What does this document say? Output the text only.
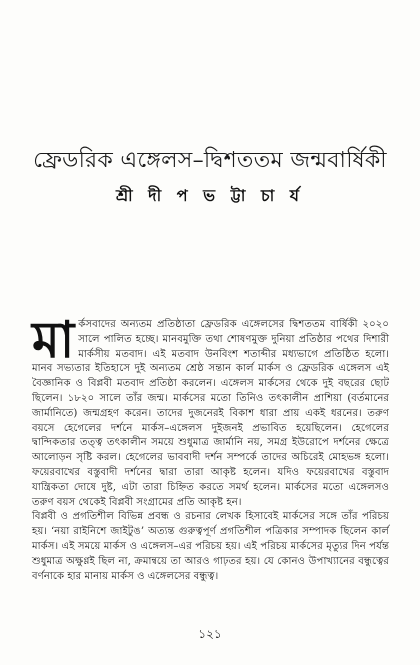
ফ্রেডরিক এঙ্গেলস–দ্বিশততম জন্মবার্ষিকী
শ্রী দী প ভ ট্টা চা র্য

মার্কসবাদের অন্যতম প্রতিষ্ঠাতা ফ্রেডরিক এঙ্গেলসের দ্বিশততম বার্ষিকী ২০২০ সালে পালিত হচ্ছে। মানবমুক্তি তথা শোষণমুক্ত দুনিয়া প্রতিষ্ঠার পথের দিশারী মার্কসীয় মতবাদ। এই মতবাদ উনবিংশ শতাব্দীর মধ্যভাগে প্রতিষ্ঠিত হলো। মানব সভ্যতার ইতিহাসে দুই অন্যতম শ্রেষ্ঠ সন্তান কার্ল মার্কস ও ফ্রেডরিক এঙ্গেলস এই বৈজ্ঞানিক ও বিপ্লবী মতবাদ প্রতিষ্ঠা করলেন। এঙ্গেলস মার্কসের থেকে দুই বছরের ছোট ছিলেন। ১৮২০ সালে তাঁর জন্ম। মার্কসের মতো তিনিও তৎকালীন প্রাশিয়া (বর্তমানের জার্মানিতে) জন্মগ্রহণ করেন। তাদের দুজনেরই বিকাশ ধারা প্রায় একই ধরনের। তরুণ বয়সে হেগেলের দর্শনে মার্কস–এঙ্গেলস দুইজনই প্রভাবিত হয়েছিলেন। হেগেলের দ্বান্দিকতার তত্ত্ব তৎকালীন সময়ে শুধুমাত্র জার্মানি নয়, সমগ্র ইউরোপে দর্শনের ক্ষেত্রে আলোড়ন সৃষ্টি করল। হেগেলের ভাববাদী দর্শন সম্পর্কে তাদের অচিরেই মোহভঙ্গ হলো। ফয়েরবাখের বস্তুবাদী দর্শনের দ্বারা তারা আকৃষ্ট হলেন। যদিও ফয়েরবাখের বস্তুবাদ যান্ত্রিকতা দোষে দুষ্ট, এটা তারা চিহ্নিত করতে সমর্থ হলেন। মার্কসের মতো এঙ্গেলসও তরুণ বয়স থেকেই বিপ্লবী সংগ্রামের প্রতি আকৃষ্ট হন।

বিপ্লবী ও প্রগতিশীল বিভিন্ন প্রবন্ধ ও রচনার লেখক হিসাবেই মার্কসের সঙ্গে তাঁর পরিচয় হয়। ‘নয়া রাইনিশে জাইটুঙ’ অত্যন্ত গুরুত্বপূর্ণ প্রগতিশীল পত্রিকার সম্পাদক ছিলেন কার্ল মার্কস। এই সময়ে মার্কস ও এঙ্গেলস–এর পরিচয় হয়। এই পরিচয় মার্কসের মৃত্যুর দিন পর্যন্ত শুধুমাত্র অক্ষুণ্ণই ছিল না, ক্রমান্বয়ে তা আরও গাঢ়তর হয়। যে কোনও উপাখ্যানের বন্ধুত্বের বর্ণনাকে হার মানায় মার্কস ও এঙ্গেলসের বন্ধুত্ব।

১২১
